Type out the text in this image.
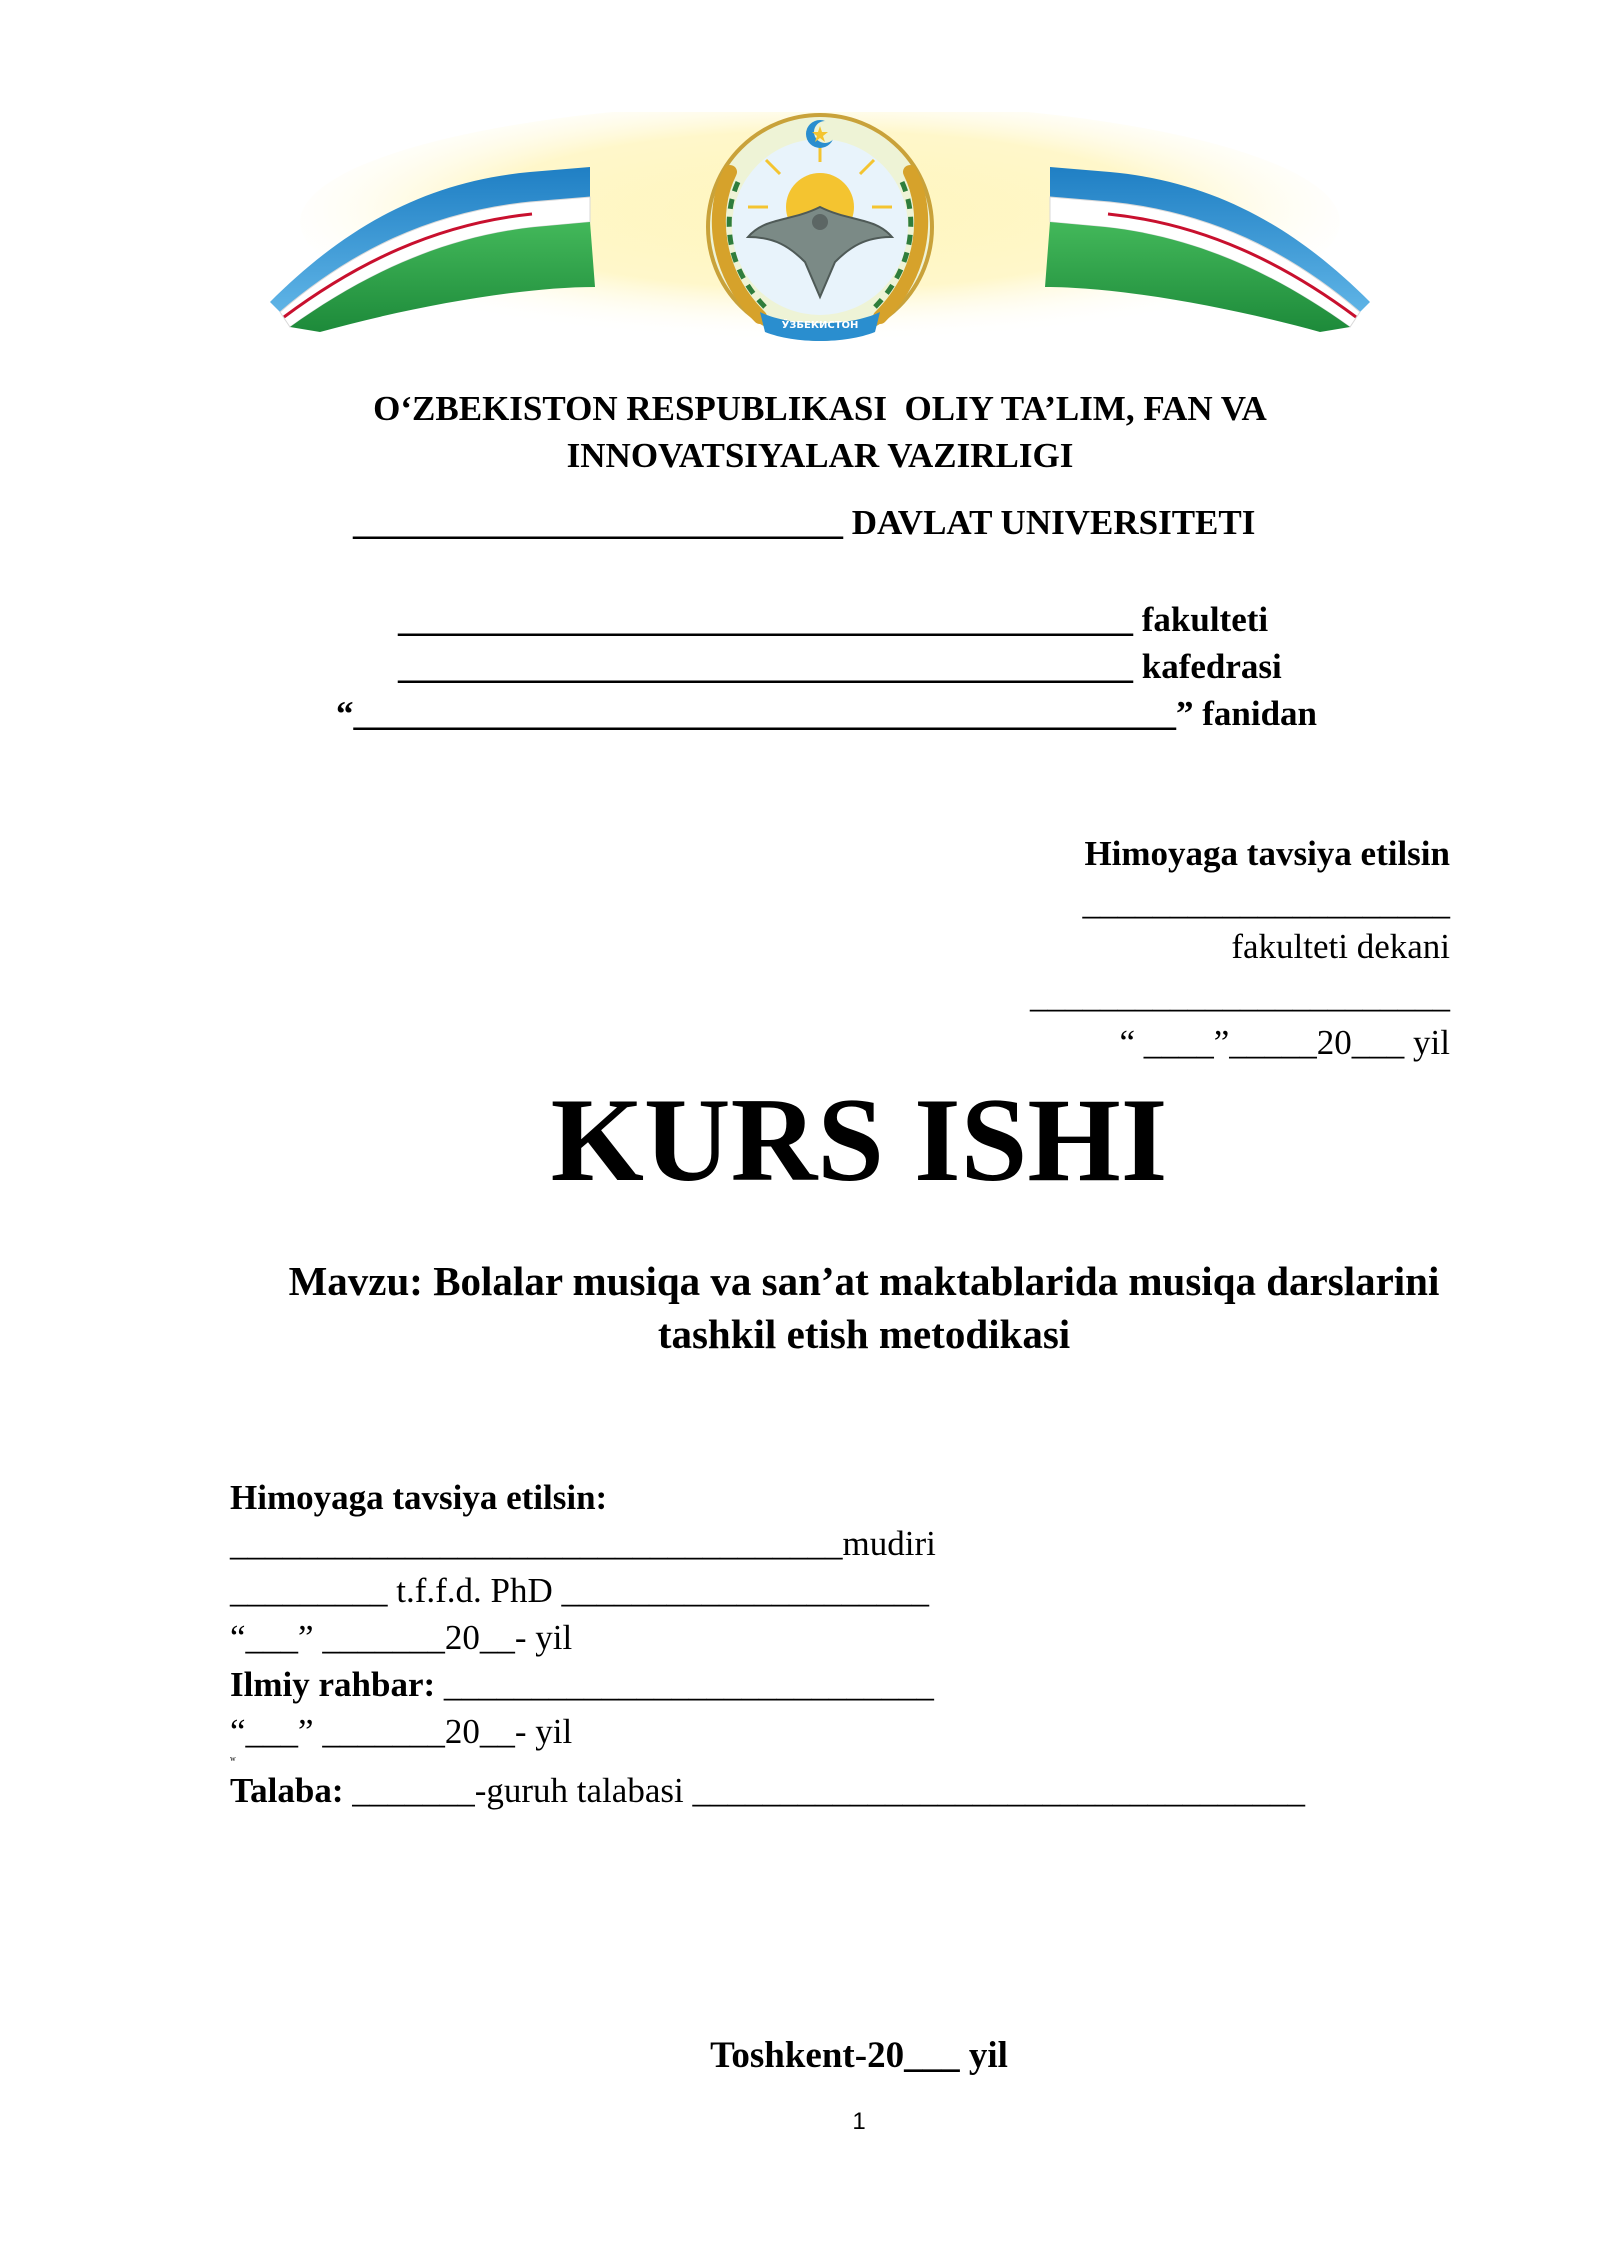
ЎЗБЕКИСТОН
O‘ZBEKISTON RESPUBLIKASI  OLIY TA’LIM, FAN VA
INNOVATSIYALAR VAZIRLIGI
____________________________ DAVLAT UNIVERSITETI
__________________________________________ fakulteti
__________________________________________ kafedrasi
“_______________________________________________” fanidan
Himoyaga tavsiya etilsin
_____________________
fakulteti dekani
________________________
“ ____”_____20___ yil
KURS ISHI
Mavzu: Bolalar musiqa va san’at maktablarida musiqa darslarini
tashkil etish metodikasi
Himoyaga tavsiya etilsin:
___________________________________mudiri
_________ t.f.f.d. PhD _____________________
“___” _______20__- yil
Ilmiy rahbar: ____________________________
“___” _______20__- yil
w
Talaba: _______-guruh talabasi ___________________________________
Toshkent-20___ yil
1
